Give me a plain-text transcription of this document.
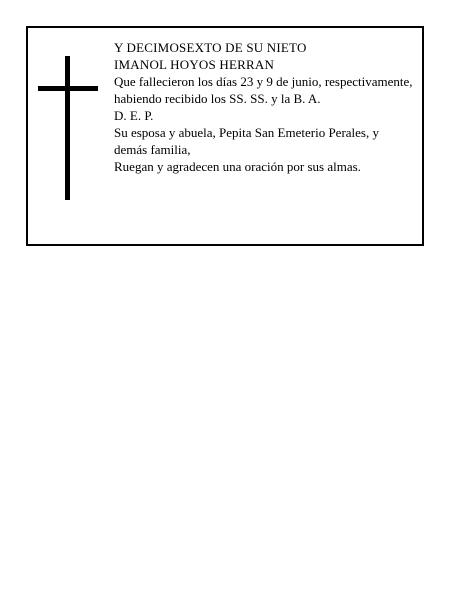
Y DECIMOSEXTO DE SU NIETO

IMANOL HOYOS HERRAN

Que fallecieron los días 23 y 9 de junio, respectivamente, habiendo recibido los SS. SS. y la B. A.

D. E. P.

Su esposa y abuela, Pepita San Emeterio Perales, y demás familia,

Ruegan y agradecen una oración por sus almas.
